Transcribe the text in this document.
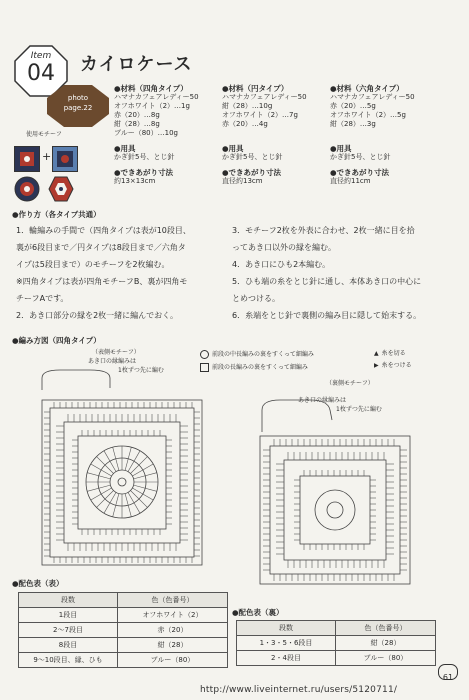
Item
04	カイロケース
photo
page.22
使用モチーフ
+
●材料（四角タイプ）
ハマナカフェアレディー50
オフホワイト（2）…1g
赤（20）…8g
紺（28）…8g
ブルー（80）…10g
●用具
かぎ針5号、とじ針
●できあがり寸法
約13×13cm
●材料（円タイプ）
ハマナカフェアレディー50
紺（28）…10g
オフホワイト（2）…7g
赤（20）…4g
●用具
かぎ針5号、とじ針
●できあがり寸法
直径約13cm
●材料（六角タイプ）
ハマナカフェアレディー50
赤（20）…5g
オフホワイト（2）…5g
紺（28）…3g
●用具
かぎ針5号、とじ針
●できあがり寸法
直径約11cm
●作り方（各タイプ共通）
1．輪編みの手間で（四角タイプは表が10段目、
裏が6段目まで／円タイプは8段目まで／六角タ
イプは5段目まで）のモチーフを2枚編む。
※四角タイプは表が四角モチーフB、裏が四角モ
チーフAです。
2．あき口部分の縁を2枚一緒に編んでおく。
3．モチーフ2枚を外表に合わせ、2枚一緒に目を拾
ってあき口以外の縁を編む。
4．あき口にひも2本編む。
5．ひも端の糸をとじ針に通し、本体あき口の中心に
とめつける。
6．糸端をとじ針で裏側の編み目に隠して始末する。
●編み方図（四角タイプ）
前段の中長編みの裏をすくって細編み
前段の長編みの裏をすくって細編み
▲ 糸を切る
▶ 糸をつける
（表側モチーフ）
あき口の縁編みは
1枚ずつ先に編む
（裏側モチーフ）
あき口の縁編みは
1枚ずつ先に編む
●配色表（表）
段数	色（色番号）
1段目	オフホワイト（2）
2〜7段目	赤（20）
8段目	紺（28）
9〜10段目、縁、ひも	ブルー（80）
●配色表（裏）
段数	色（色番号）
1・3・5・6段目	紺（28）
2・4段目	ブルー（80）
61
http://www.liveinternet.ru/users/5120711/
